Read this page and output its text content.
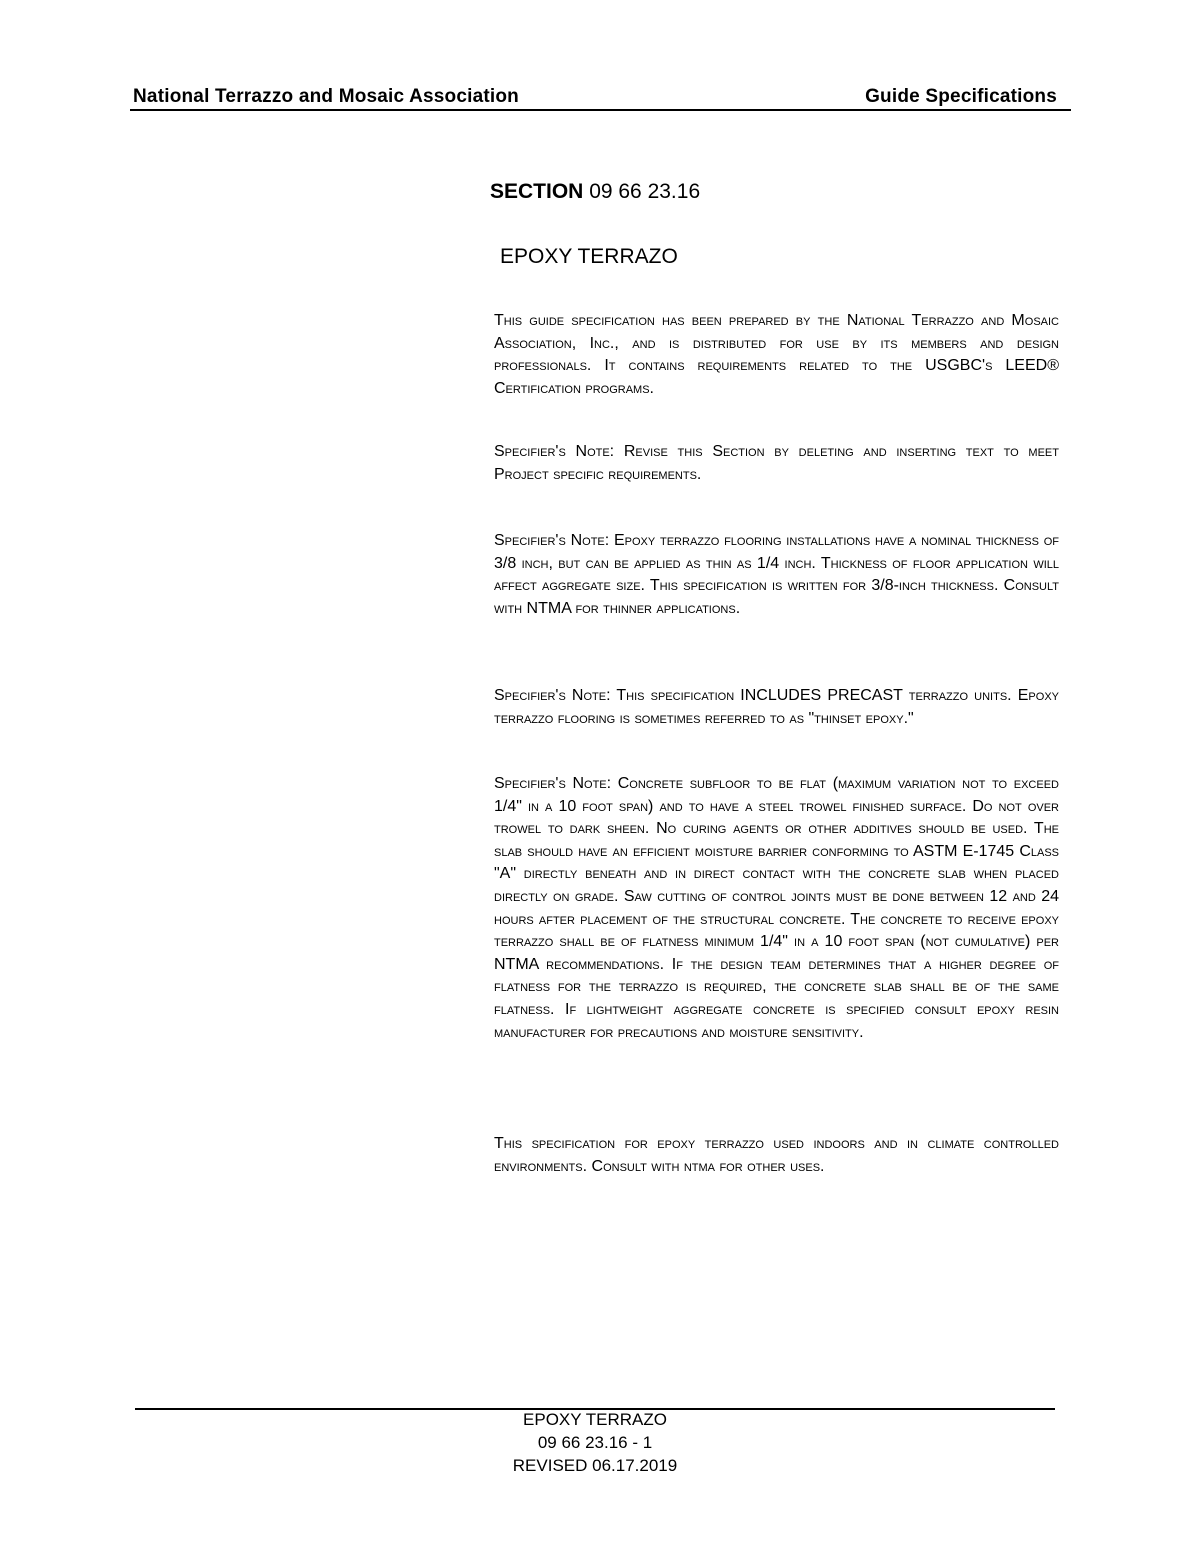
National Terrazzo and Mosaic Association	Guide Specifications
SECTION 09 66 23.16
EPOXY TERRAZO

This guide specification has been prepared by the National Terrazzo and Mosaic Association, Inc., and is distributed for use by its members and design professionals. It contains requirements related to the USGBC's LEED® Certification programs.

Specifier's Note: Revise this Section by deleting and inserting text to meet Project specific requirements.

Specifier's Note: Epoxy terrazzo flooring installations have a nominal thickness of 3/8 inch, but can be applied as thin as 1/4 inch. Thickness of floor application will affect aggregate size. This specification is written for 3/8-inch thickness. Consult with NTMA for thinner applications.

Specifier's Note: This specification INCLUDES PRECAST terrazzo units. Epoxy terrazzo flooring is sometimes referred to as "thinset epoxy."

Specifier's Note: Concrete subfloor to be flat (maximum variation not to exceed 1/4" in a 10 foot span) and to have a steel trowel finished surface. Do not over trowel to dark sheen. No curing agents or other additives should be used. The slab should have an efficient moisture barrier conforming to ASTM E-1745 Class "A" directly beneath and in direct contact with the concrete slab when placed directly on grade. Saw cutting of control joints must be done between 12 and 24 hours after placement of the structural concrete. The concrete to receive epoxy terrazzo shall be of flatness minimum 1/4" in a 10 foot span (not cumulative) per NTMA recommendations. If the design team determines that a higher degree of flatness for the terrazzo is required, the concrete slab shall be of the same flatness. If lightweight aggregate concrete is specified consult epoxy resin manufacturer for precautions and moisture sensitivity.

This specification for epoxy terrazzo used indoors and in climate controlled environments. Consult with ntma for other uses.

EPOXY TERRAZO
09 66 23.16 - 1
REVISED 06.17.2019
